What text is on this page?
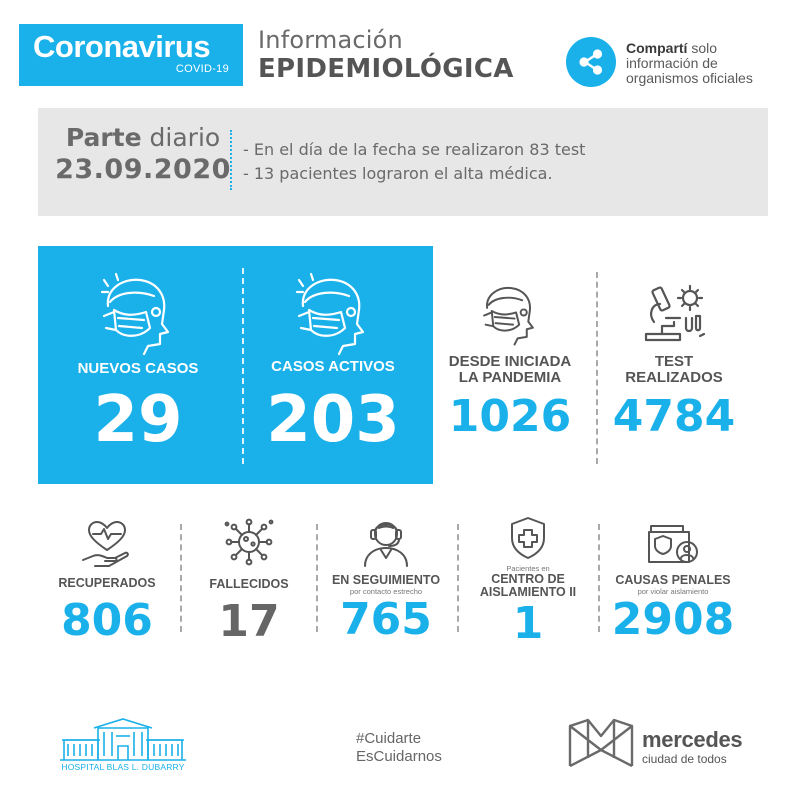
Coronavirus
COVID-19
Información
EPIDEMIOLÓGICA
Compartí solo
información de
organismos oficiales
Parte diario
23.09.2020
- En el día de la fecha se realizaron 83 test
- 13 pacientes lograron el alta médica.
NUEVOS CASOS
29
CASOS ACTIVOS
203
DESDE INICIADA
LA PANDEMIA
1026
TEST
REALIZADOS
4784
RECUPERADOS
806
FALLECIDOS
17
EN SEGUIMIENTO
por contacto estrecho
765
Pacientes en
CENTRO DE
AISLAMIENTO II
1
CAUSAS PENALES
por violar aislamiento
2908
HOSPITAL BLAS L. DUBARRY
#Cuidarte
EsCuidarnos
mercedes
ciudad de todos
